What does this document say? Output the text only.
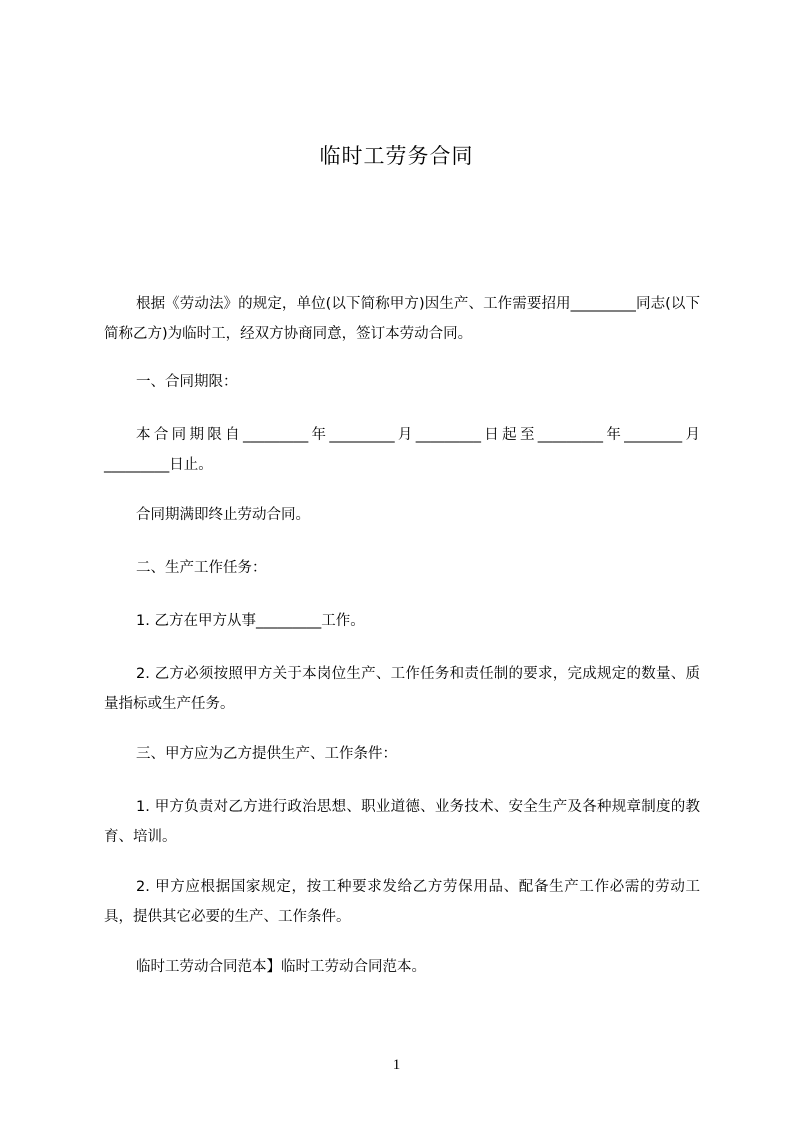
临时工劳务合同

根据《劳动法》的规定，单位(以下简称甲方)因生产、工作需要招用_________同志(以下简称乙方)为临时工，经双方协商同意，签订本劳动合同。

一、合同期限：

本合同期限自_________年_________月_________日起至_________年________月_________日止。

合同期满即终止劳动合同。

二、生产工作任务：

1. 乙方在甲方从事_________工作。

2. 乙方必须按照甲方关于本岗位生产、工作任务和责任制的要求，完成规定的数量、质量指标或生产任务。

三、甲方应为乙方提供生产、工作条件：

1. 甲方负责对乙方进行政治思想、职业道德、业务技术、安全生产及各种规章制度的教育、培训。

2. 甲方应根据国家规定，按工种要求发给乙方劳保用品、配备生产工作必需的劳动工具，提供其它必要的生产、工作条件。

临时工劳动合同范本】临时工劳动合同范本。

1
